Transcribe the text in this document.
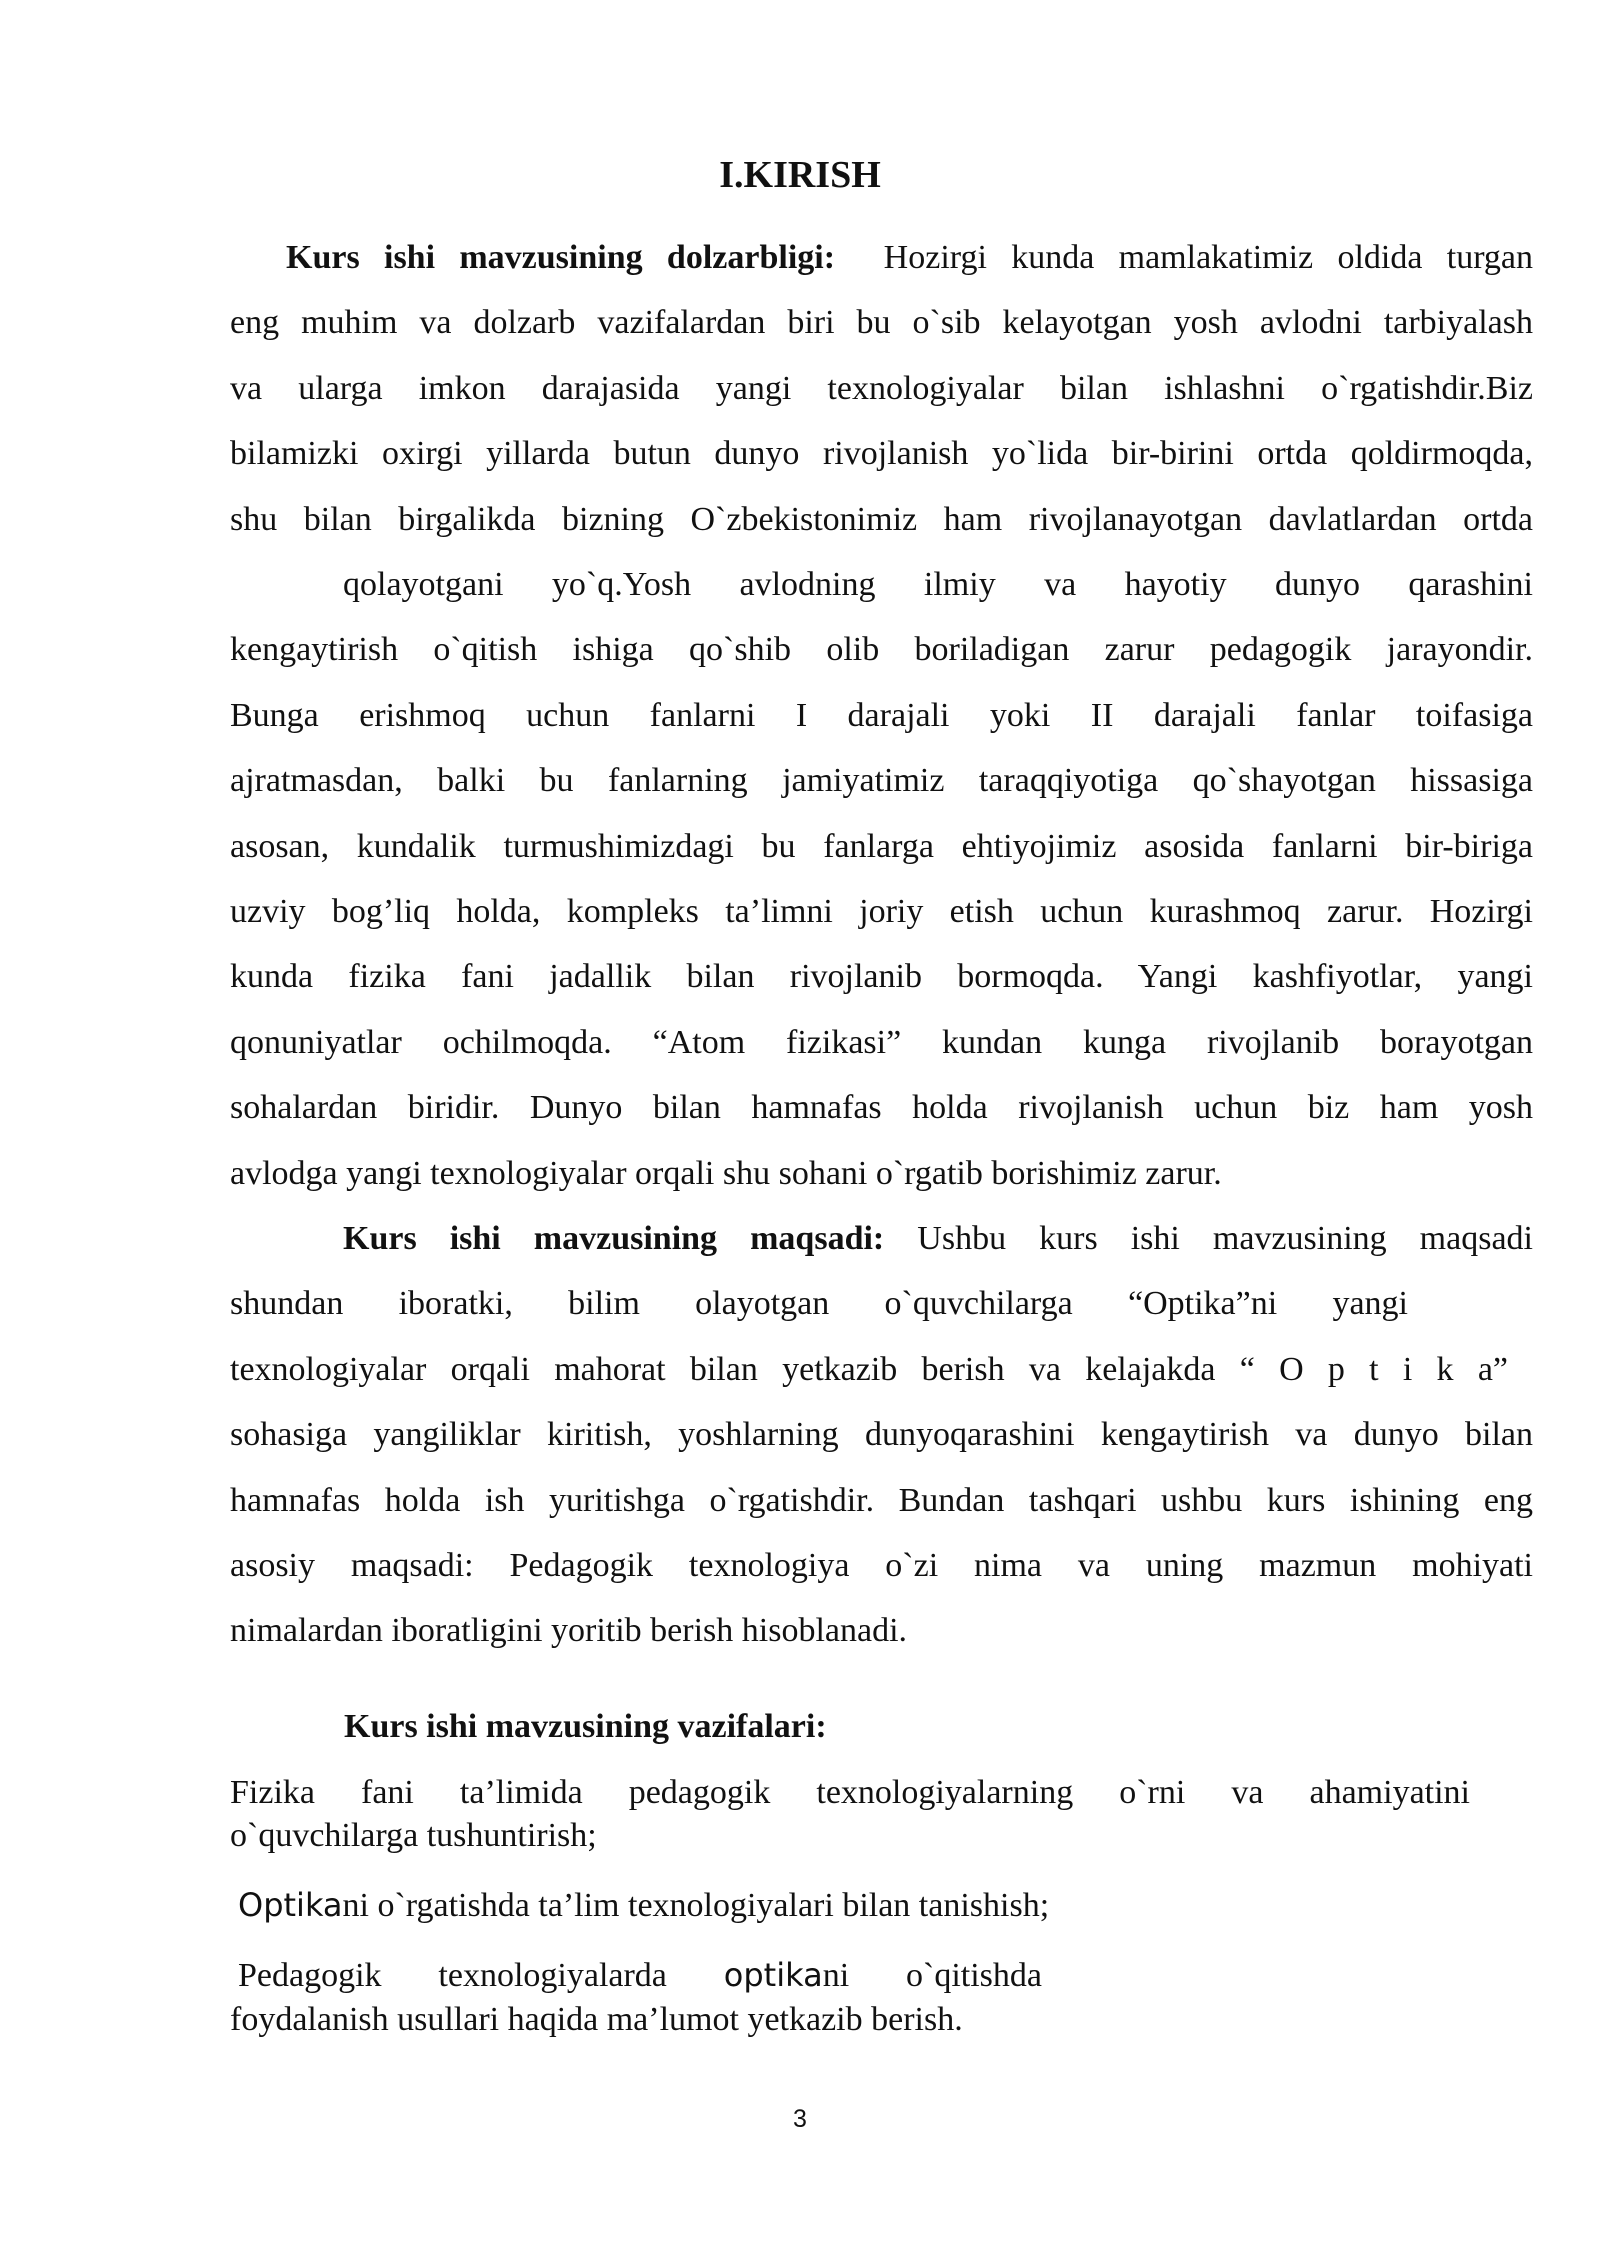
I.KIRISH
Kurs ishi mavzusining dolzarbligi: Hozirgi kunda mamlakatimiz oldida turgan
eng muhim va dolzarb vazifalardan biri bu o`sib kelayotgan yosh avlodni tarbiyalash
va ularga imkon darajasida yangi texnologiyalar bilan ishlashni o`rgatishdir.Biz
bilamizki oxirgi yillarda butun dunyo rivojlanish yo`lida bir-birini ortda qoldirmoqda,
shu bilan birgalikda bizning O`zbekistonimiz ham rivojlanayotgan davlatlardan ortda
qolayotgani yo`q.Yosh avlodning ilmiy va hayotiy dunyo qarashini
kengaytirish o`qitish ishiga qo`shib olib boriladigan zarur pedagogik jarayondir.
Bunga erishmoq uchun fanlarni I darajali yoki II darajali fanlar toifasiga
ajratmasdan, balki bu fanlarning jamiyatimiz taraqqiyotiga qo`shayotgan hissasiga
asosan, kundalik turmushimizdagi bu fanlarga ehtiyojimiz asosida fanlarni bir-biriga
uzviy bog’liq holda, kompleks ta’limni joriy etish uchun kurashmoq zarur. Hozirgi
kunda fizika fani jadallik bilan rivojlanib bormoqda. Yangi kashfiyotlar, yangi
qonuniyatlar ochilmoqda. “Atom fizikasi” kundan kunga rivojlanib borayotgan
sohalardan biridir. Dunyo bilan hamnafas holda rivojlanish uchun biz ham yosh
avlodga yangi texnologiyalar orqali shu sohani o`rgatib borishimiz zarur.
Kurs ishi mavzusining maqsadi: Ushbu kurs ishi mavzusining maqsadi
shundan iboratki, bilim olayotgan o`quvchilarga “Optika”ni yangi
texnologiyalar orqali mahorat bilan yetkazib berish va kelajakda “ O p t i k a”
sohasiga yangiliklar kiritish, yoshlarning dunyoqarashini kengaytirish va dunyo bilan
hamnafas holda ish yuritishga o`rgatishdir. Bundan tashqari ushbu kurs ishining eng
asosiy maqsadi: Pedagogik texnologiya o`zi nima va uning mazmun mohiyati
nimalardan iboratligini yoritib berish hisoblanadi.
Kurs ishi mavzusining vazifalari:
Fizika fani ta’limida pedagogik texnologiyalarning o`rni va ahamiyatini
o`quvchilarga tushuntirish;
Optikani o`rgatishda ta’lim texnologiyalari bilan tanishish;
Pedagogik texnologiyalarda optikani o`qitishda
foydalanish usullari haqida ma’lumot yetkazib berish.
3
